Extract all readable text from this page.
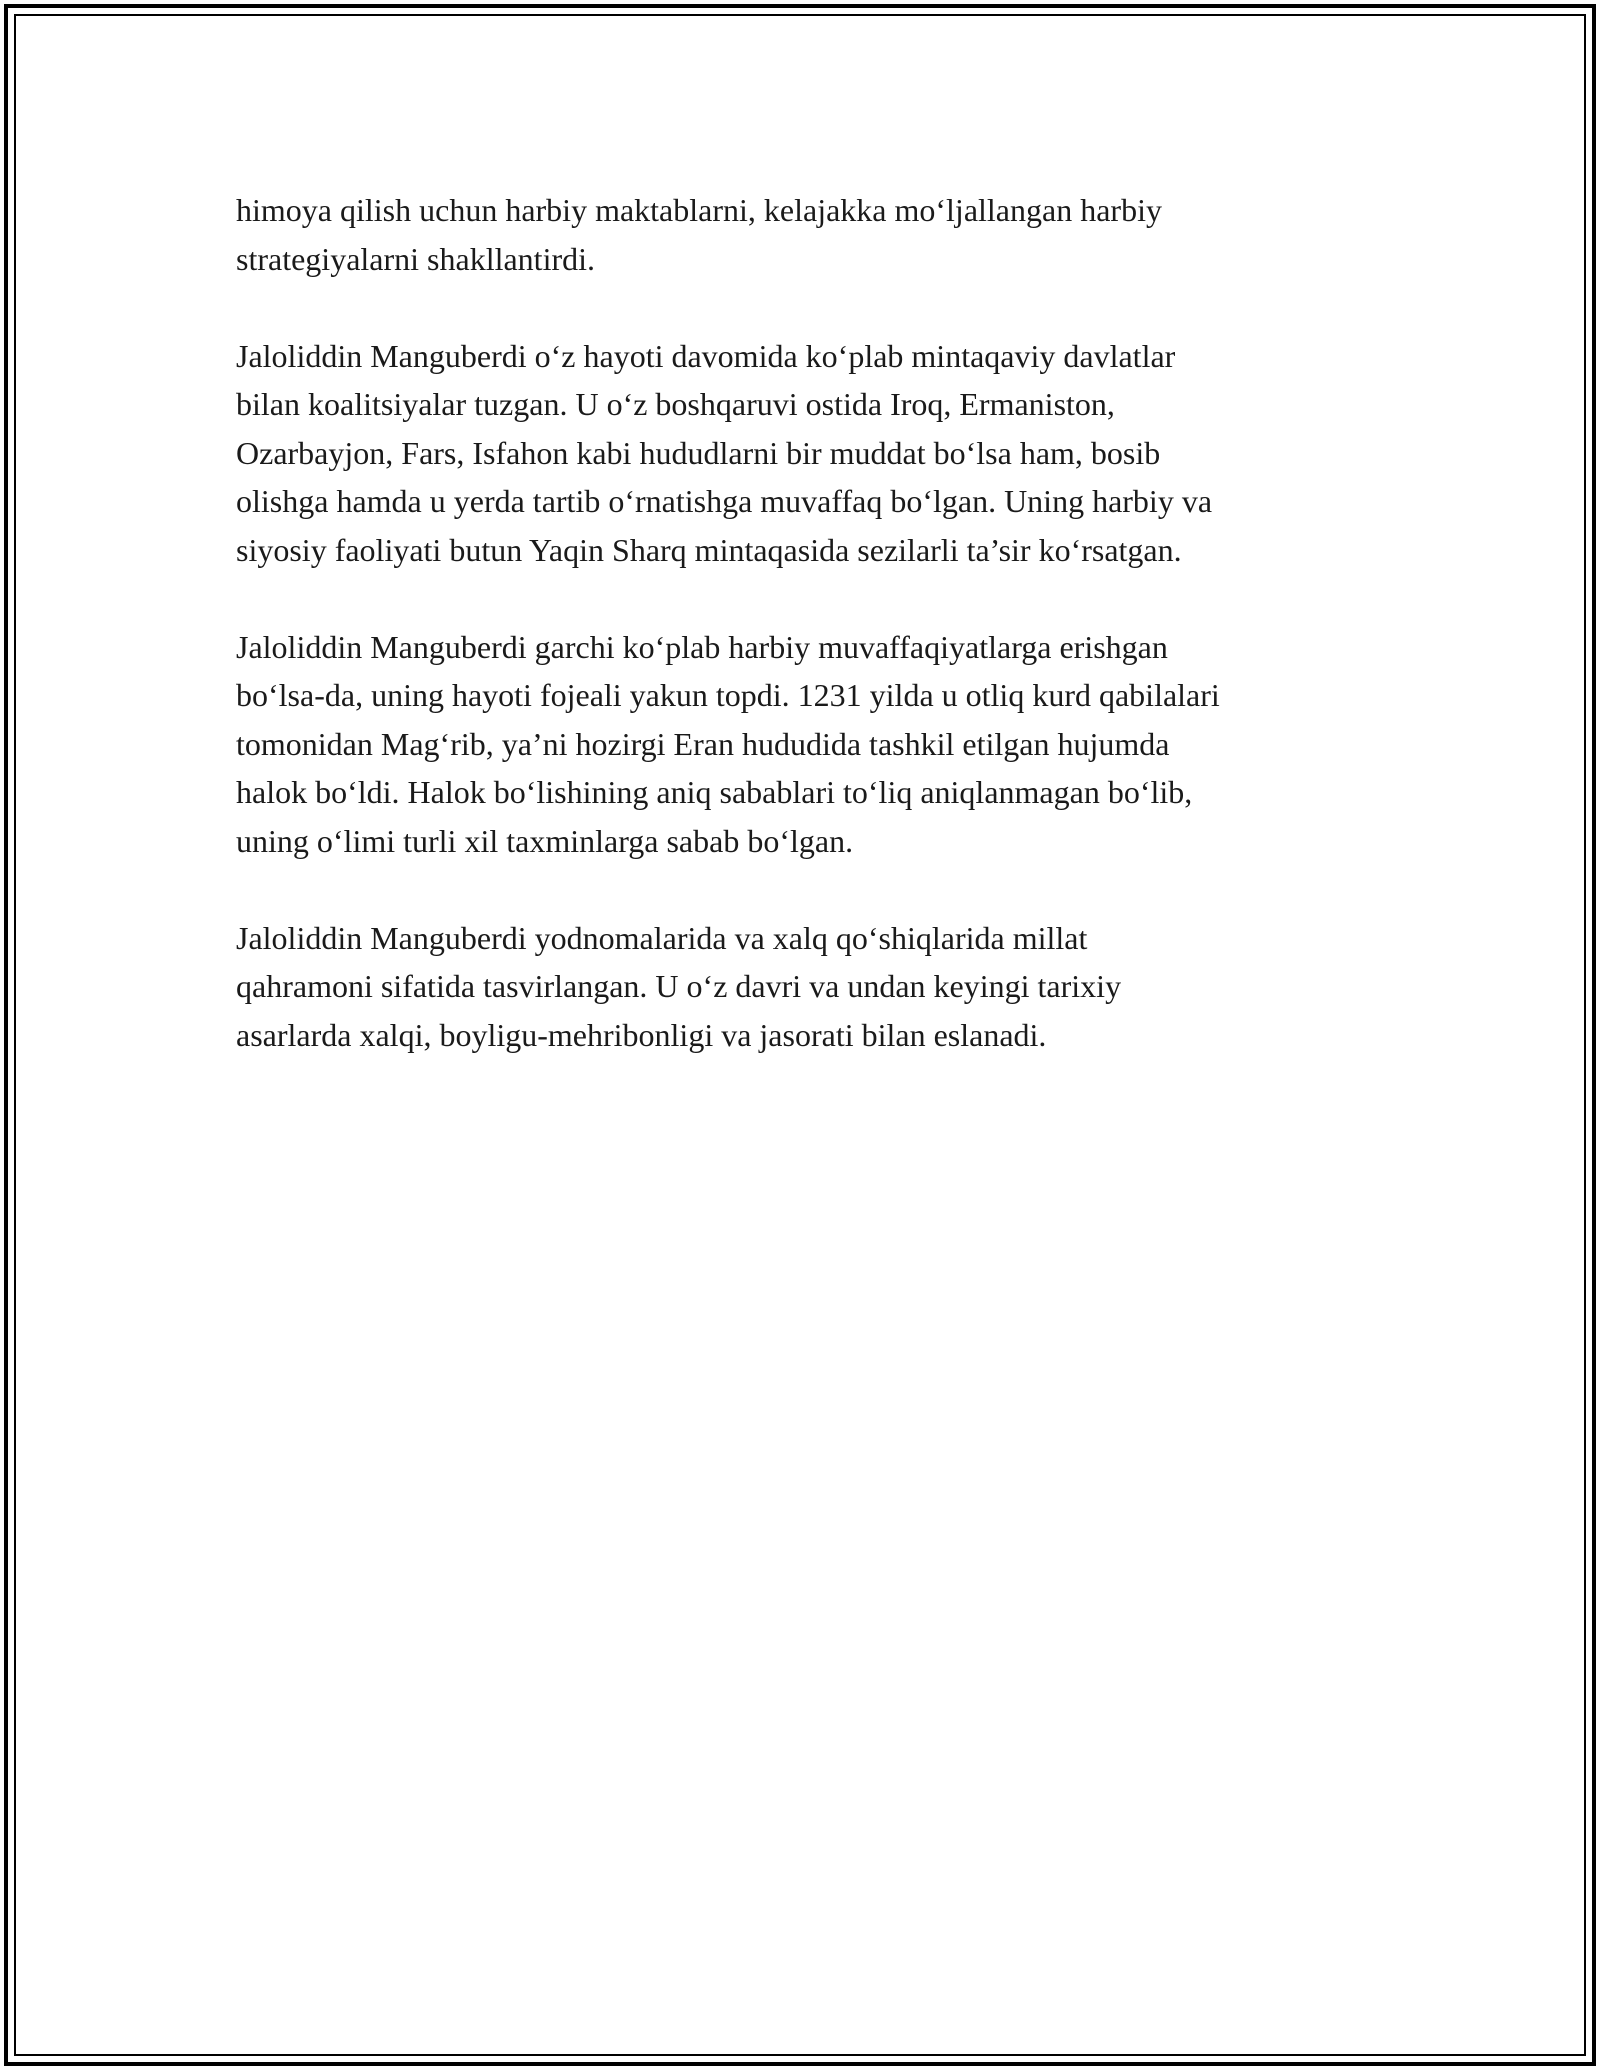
himoya qilish uchun harbiy maktablarni, kelajakka mo‘ljallangan harbiy
strategiyalarni shakllantirdi.

Jaloliddin Manguberdi o‘z hayoti davomida ko‘plab mintaqaviy davlatlar
bilan koalitsiyalar tuzgan. U o‘z boshqaruvi ostida Iroq, Ermaniston,
Ozarbayjon, Fars, Isfahon kabi hududlarni bir muddat bo‘lsa ham, bosib
olishga hamda u yerda tartib o‘rnatishga muvaffaq bo‘lgan. Uning harbiy va
siyosiy faoliyati butun Yaqin Sharq mintaqasida sezilarli ta’sir ko‘rsatgan.

Jaloliddin Manguberdi garchi ko‘plab harbiy muvaffaqiyatlarga erishgan
bo‘lsa-da, uning hayoti fojeali yakun topdi. 1231 yilda u otliq kurd qabilalari
tomonidan Mag‘rib, ya’ni hozirgi Eran hududida tashkil etilgan hujumda
halok bo‘ldi. Halok bo‘lishining aniq sabablari to‘liq aniqlanmagan bo‘lib,
uning o‘limi turli xil taxminlarga sabab bo‘lgan.

Jaloliddin Manguberdi yodnomalarida va xalq qo‘shiqlarida millat
qahramoni sifatida tasvirlangan. U o‘z davri va undan keyingi tarixiy
asarlarda xalqi, boyligu-mehribonligi va jasorati bilan eslanadi.
